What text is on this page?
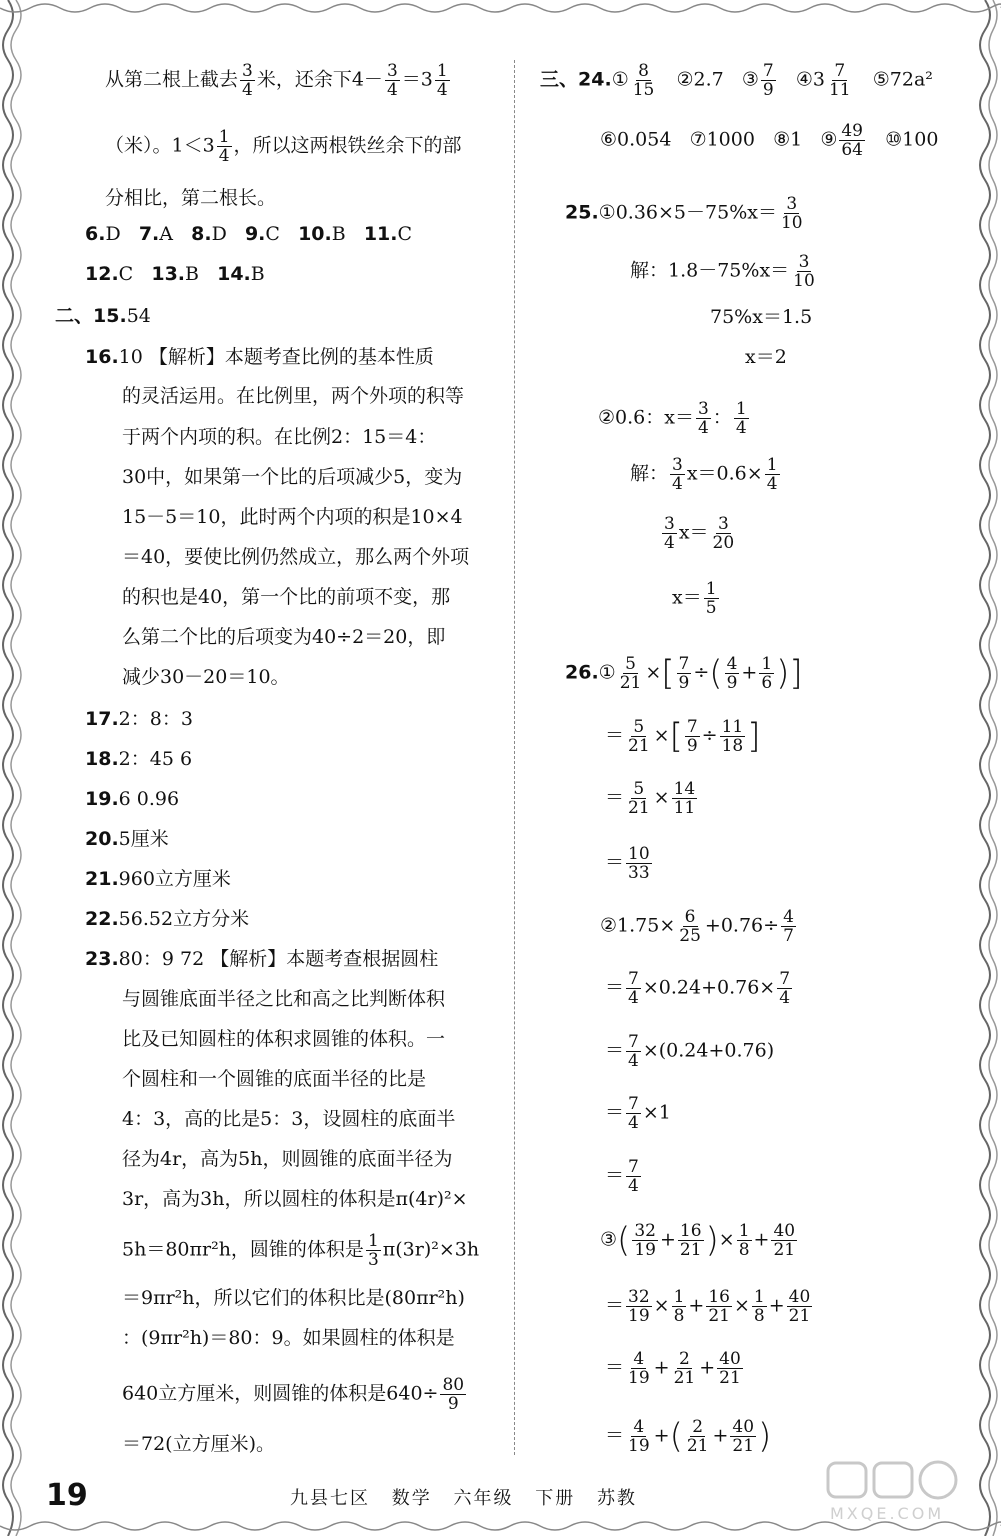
从第二根上截去 $\frac{3}{4}$ 米，还余下$4- \frac{3}{4} =3 \frac{1}{4}$
（米）。$1<3 \frac{1}{4}$ ，所以这两根铁丝余下的部
分相比，第二根长。
6.D 7.A 8.D 9.C 10.B 11.C
12.C 13.B 14.B
二、15.54
16.10 【解析】本题考查比例的基本性质
的灵活运用。在比例里，两个外项的积等
于两个内项的积。在比例2：15＝4：
30中，如果第一个比的后项减少5，变为
15－5＝10，此时两个内项的积是10×4
＝40，要使比例仍然成立，那么两个外项
的积也是40，第一个比的前项不变，那
么第二个比的后项变为40÷2＝20，即
减少30－20＝10。
17.2：8：3
18.2：45 6
19.6 0.96
20.5厘米
21.960立方厘米
22.56.52立方分米
23.80：9 72 【解析】本题考查根据圆柱
与圆锥底面半径之比和高之比判断体积
比及已知圆柱的体积求圆锥的体积。一
个圆柱和一个圆锥的底面半径的比是
4：3，高的比是5：3，设圆柱的底面半
径为4r，高为5h，则圆锥的底面半径为
3r，高为3h，所以圆柱的体积是π(4r)²×
5h＝80πr²h，圆锥的体积是 $\frac{1}{3} \pi(3r)^2\times 3h$
＝9πr²h，所以它们的体积比是(80πr²h)
：(9πr²h)＝80：9。如果圆柱的体积是
640立方厘米，则圆锥的体积是$640\div \frac{80}{9}$
＝72(立方厘米)。
三、24.① $\frac{8}{15}$ ②2.7   ③ $\frac{7}{9}$ ④3 $\frac{7}{11}$ ⑤72a²
⑥0.054 ⑦1000 ⑧1   ⑨ $\frac{49}{64}$ ⑩100
25.①0.36×5－75%x＝ $\frac{3}{10}$
解：$1.8-75\%x= \frac{3}{10}$
75%x＝1.5
x＝2
②0.6：$x= \frac{3}{4}$ ： $\frac{1}{4}$
解： $\frac{3}{4} x=0.6\times \frac{1}{4}$
$\frac{3}{4} x= \frac{3}{20}$
$x= \frac{1}{5}$
26.① $\frac{5}{21}$ ×[ $\frac{7}{9}$ ÷( $\frac{4}{9} + \frac{1}{6}$ )]
＝ $\frac{5}{21}$ ×[ $\frac{7}{9} \div \frac{11}{18}$ ]
＝ $\frac{5}{21} \times \frac{14}{11}$
＝ $\frac{10}{33}$
②1.75× $\frac{6}{25} +0.76\div \frac{4}{7}$
＝ $\frac{7}{4} \times 0.24+0.76\times \frac{7}{4}$
＝ $\frac{7}{4} \times(0.24+0.76)$
＝ $\frac{7}{4} \times 1$
＝ $\frac{7}{4}$
③( $\frac{32}{19} + \frac{16}{21}$ )× $\frac{1}{8} + \frac{40}{21}$
＝ $\frac{32}{19} \times \frac{1}{8} + \frac{16}{21} \times \frac{1}{8} + \frac{40}{21}$
＝ $\frac{4}{19} + \frac{2}{21} + \frac{40}{21}$
＝ $\frac{4}{19}$ +( $\frac{2}{21} + \frac{40}{21}$ )
19	九县七区 数学 六年级 下册 苏教
MXQE.COM
